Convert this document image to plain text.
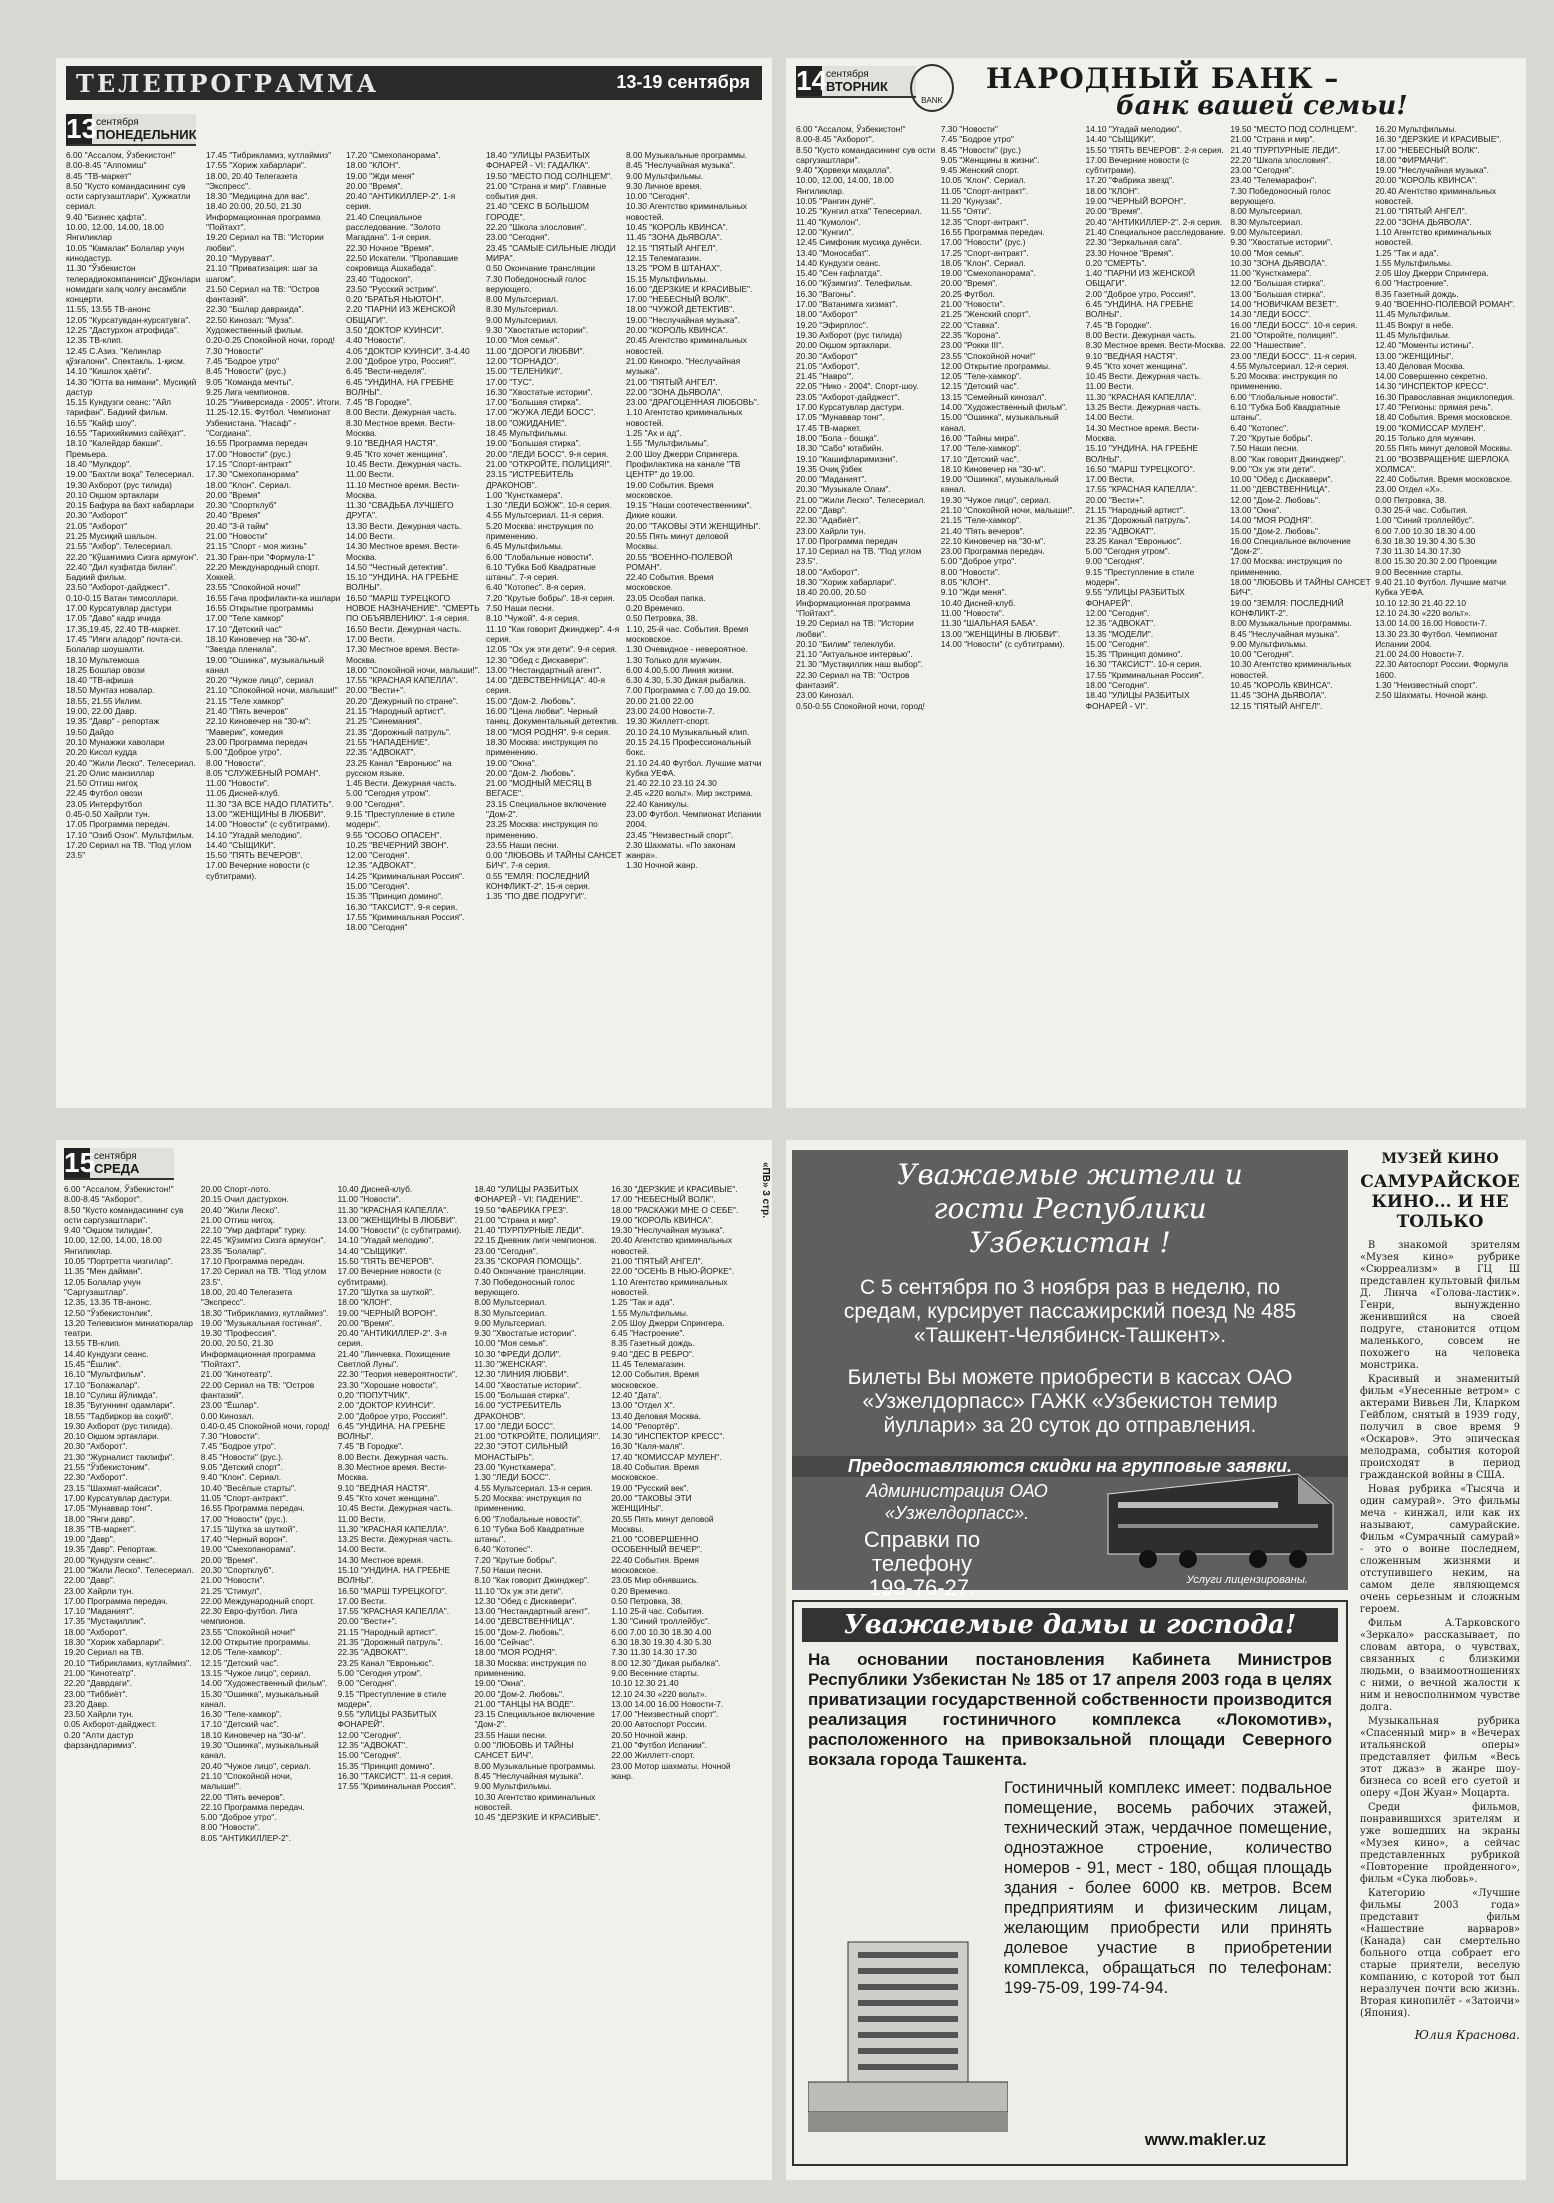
ТЕЛЕПРОГРАММА	13-19 сентября
13
сентября
ПОНЕДЕЛЬНИК

6.00 "Ассалом, Ўзбекистон!"

8.00-8.45 "Алпомиш"

8.45 "ТВ-маркет"

8.50 "Кусто командасининг сув ости саргузаштлари". Ҳужжатли сериал.

9.40 "Бизнес ҳафта".

10.00, 12.00, 14.00, 18.00 Янгиликлар

10.05 "Камалак" Болалар учун кинодастур.

11.30 "Ўзбекистон телерадиокомпанияси" Дўконлари номидаги халқ чолғу ансамбли концерти.

11.55, 13.55 ТВ-анонс

12.05 "Курсатувдан-курсатувга".

12.25 "Дастурхон атрофида".

12.35 ТВ-клип.

12.45 С.Азиз. "Келинлар қўзғалони". Спектакль. 1-қисм.

14.10 "Кишлок ҳаёти".

14.30 "Ютта ва нимани". Мусиқий дастур

15.15 Кундузги сеанс: "Айл тарифан". Бадиий фильм.

16.55 "Кайф шоу".

16.55 "Тарихийкимиз сайёҳат".

18.10 "Калейдар бакши". Премьера.

18.40 "Мулкдор".

19.00 "Бахтли воҳа" Телесериал.

19.30 Axбopoт (рус тилида)

20.10 Оқшом эртаклари

20.15 Бафура ва бахт кабарлари

20.30 "Ахборот"

21.05 "Ахборот"

21.25 Мусиқий шальон.

21.55 "Ахбор". Телесериал.

22.20 "Кўшиғимиз Сизга армуғон".

22.40 "Дил кузфатда билан". Бадиий фильм.

23.50 "Ахборот-дайджест".

0.10-0.15 Ватан тимсоллари.

17.00 Курсатувлар дастури

17.05 "Даво" кадр ичида

17.35,19.45, 22.40 ТВ-маркет.

17.45 "Ияги аладор" почта-си. Болалар шоушалти.

18.10 Мультемоша

18.25 Бошлар овози

18.40 "ТВ-афиша

18.50 Мунтаз новалар.

18.55, 21.55 Иклим.

19.00, 22.00 Давр.

19.35 "Давр" - репортаж

19.50 Дайдо

20.10 Мунажжи хаволари

20.20 Кисол кудда

20.40 "Жили Леско". Телесериал.

21.20 Олис манзиллар

21.50 Отгиш нигоҳ

22.45 Футбол овози

23.05 Интерфутбол

0.45-0.50 Хайрли тун.

17.05 Программа передач.

17.10 "Озиб Озон". Мультфильм.

17.20 Сериал на ТВ. "Под углом 23.5"

17.45 "Тибрикламиз, кутлаймиз"

17.55 "Хориж хабарлари".

18.00, 20.40 Телегазета "Экспресс".

18.30 "Медицина для вас".

18.40 20.00, 20.50, 21.30 Информационная программа "Пойтахт".

19.20 Сериал на ТВ: "Истории любви".

20.10 "Мурувват".

21.10 "Приватизация: шаг за шагом".

21.50 Сериал на ТВ: "Остров фантазий".

22.30 "Бшлар давраида".

22.50 Кинозал: "Муза". Художественный фильм.

0.20-0.25 Спокойной ночи, город!

7.30 "Новости"

7.45 "Бодрое утро"

8.45 "Новости" (рус.)

9.05 "Команда мечты".

9.25 Лига чемпионов.

10.25 "Универсиада - 2005". Итоги.

11.25-12.15. Футбол. Чемпионат Узбекистана. "Насаф" - "Согдиана".

16.55 Программа передач

17.00 "Новости" (рус.)

17.15 "Спорт-антракт"

17.30 "Смехопанорама"

18.00 "Клон". Сериал.

20.00 "Время"

20.30 "Спортклуб"

20.40 "Время"

20.40 "3-й тайм"

21.00 "Новости"

21.15 "Спорт - моя жизнь"

21.30 Гран-при "Формула-1"

22.20 Международный спорт. Хоккей.

23.55 "Спокойной ночи!"

16.55 Гача профилакти-ка ишлари

16.55 Открытие программы

17.00 "Теле хамкор"

17.10 "Детский час"

18.10 Киновечер на "30-м". "Звезда пленила".

19.00 "Ошинка", музыкальный канал

20.20 "Чужое лицо", сериал

21.10 "Спокойной ночи, малыши!"

21.15 "Теле хамкор"

21.40 "Пять вечеров"

22.10 Киновечер на "30-м": "Маверик", комедия

23.00 Программа передач

5.00 "Доброе утро".

8.00 "Новости".

8.05 "СЛУЖЕБНЫЙ РОМАН".

11.00 "Новости".

11.05 Дисней-клуб.

11.30 "ЗА ВСЕ НАДО ПЛАТИТЬ".

13.00 "ЖЕНЩИНЫ В ЛЮБВИ".

14.00 "Новости" (с субтитрами).

14.10 "Угадай мелодию".

14.40 "СЫЩИКИ".

15.50 "ПЯТЬ ВЕЧЕРОВ".

17.00 Вечерние новости (с субтитрами).

17.20 "Смехопанорама".

18.00 "КЛОН".

19.00 "Жди меня"

20.00 "Время".

20.40 "АНТИКИЛЛЕР-2". 1-я серия.

21.40 Специальное расследование. "Золото Магадана". 1-я серия.

22.30 Ночное "Время".

22.50 Искатели. "Пропавшие сокровища Ашхабада".

23.40 "Годоскоп".

23.50 "Русский эстрим".

0.20 "БРАТЬЯ НЬЮТОН".

2.20 "ПАРНИ ИЗ ЖЕНСКОЙ ОБЩАГИ".

3.50 "ДОКТОР КУИНСИ".

4.40 "Новости".

4.05 "ДОКТОР КУИНСИ". 3-4.40

2.00 "Доброе утро, Россия!".

6.45 "Вести-неделя".

6.45 "УНДИНА. НА ГРЕБНЕ ВОЛНЫ".

7.45 "В Городке".

8.00 Вести. Дежурная часть.

8.30 Местное время. Вести-Москва.

9.10 "ВЕДНАЯ НАСТЯ".

9.45 "Кто хочет женщина".

10.45 Вести. Дежурная часть.

11.00 Вести.

11.10 Местное время. Вести-Москва.

11.30 "СВАДЬБА ЛУЧШЕГО ДРУГА".

13.30 Вести. Дежурная часть.

14.00 Вести.

14.30 Местное время. Вести-Москва.

14.50 "Честный детектив".

15.10 "УНДИНА. НА ГРЕБНЕ ВОЛНЫ".

16.50 "МАРШ ТУРЕЦКОГО НОВОЕ НАЗНАЧЕНИЕ". "СМЕРТЬ ПО ОБЪЯВЛЕНИЮ". 1-я серия.

16.50 Вести. Дежурная часть.

17.00 Вести.

17.30 Местное время. Вести-Москва.

18.00 "Спокойной ночи, малыши!".

17.55 "КРАСНАЯ КАПЕЛЛА".

20.00 "Вести+".

20.20 "Дежурный по стране".

21.15 "Народный артист".

21.25 "Синемания".

21.35 "Дорожный патруль".

21.55 "НАПАДЕНИЕ".

22.35 "АДВОКАТ".

23.25 Канал "Евроньюс" на русском языке.

1.45 Вести. Дежурная часть.

5.00 "Сегодня утром".

9.00 "Сегодня".

9.15 "Преступление в стиле модерн".

9.55 "ОСОБО ОПАСЕН".

10.25 "ВЕЧЕРНИЙ ЗВОН".

12.00 "Сегодня".

12.35 "АДВОКАТ".

14.25 "Криминальная Россия".

15.00 "Сегодня".

15.35 "Принцип домино".

16.30 "ТАКСИСТ". 9-я серия.

17.55 "Криминальная Россия".

18.00 "Сегодня"

18.40 "УЛИЦЫ РАЗБИТЫХ ФОНАРЕЙ - VI: ГАДАЛКА".

19.50 "МЕСТО ПОД СОЛНЦЕМ".

21.00 "Страна и мир". Главные события дня.

21.40 "СЕКС В БОЛЬШОМ ГОРОДЕ".

22.20 "Школа злословия".

23.00 "Сегодня".

23.45 "САМЫЕ СИЛЬНЫЕ ЛЮДИ МИРА".

0.50 Окончание трансляции

7.30 Победоносный голос верующего.

8.00 Мультсериал.

8.30 Мультсериал.

9.00 Мультсериал.

9.30 "Хвостатые истории".

10.00 "Моя семья".

11.00 "ДОРОГИ ЛЮБВИ".

12.00 "ТОРНАДО".

15.00 "ТЕЛЕНИКИ".

17.00 "ТУС".

16.30 "Хвостатые истории".

17.00 "Большая стирка".

17.00 "ЖУЖА ЛЕДИ БОСС".

18.00 "ОЖИДАНИЕ".

18.45 Мультфильмы.

19.00 "Большая стирка".

20.00 "ЛЕДИ БОСС". 9-я серия.

21.00 "ОТКРОЙТЕ, ПОЛИЦИЯ!".

23.15 "ИСТРЕБИТЕЛЬ ДРАКОНОВ".

1.00 "Кунсткамера".

1.30 "ЛЕДИ БОЖЖ". 10-я серия.

4.55 Мультсериал. 11-я серия.

5.20 Москва: инструкция по применению.

6.45 Мультфильмы.

6.00 "Глобальные новости".

6.10 "Губка Боб Квадратные штаны". 7-я серия.

6.40 "Котопес". 8-я серия.

7.20 "Крутые бобры". 18-я серия.

7.50 Наши песни.

8.10 "Чужой". 4-я серия.

11.10 "Как говорит Джинджер". 4-я серия.

12.05 "Ох уж эти дети". 9-я серия.

12.30 "Обед с Дискавери".

13.00 "Нестандартный агент".

14.00 "ДЕВСТВЕННИЦА". 40-я серия.

15.00 "Дом-2. Любовь".

16.00 "Цена любви". Черный танец. Документальный детектив.

18.00 "МОЯ РОДНЯ". 9-я серия.

18.30 Москва: инструкция по применению.

19.00 "Окна".

20.00 "Дом-2. Любовь".

21.00 "МОДНЫЙ МЕСЯЦ В ВЕГАСЕ".

23.15 Специальное включение "Дом-2".

23.25 Москва: инструкция по применению.

23.55 Наши песни.

0.00 "ЛЮБОВЬ И ТАЙНЫ САНСЕТ БИЧ". 7-я серия.

0.55 "ЕМЛЯ: ПОСЛЕДНИЙ КОНФЛИКТ-2". 15-я серия.

1.35 "ПО ДВЕ ПОДРУГИ".

8.00 Музыкальные программы.

8.45 "Неслучайная музыка".

9.00 Мультфильмы.

9.30 Личное время.

10.00 "Сегодня".

10.30 Агентство криминальных новостей.

10.45 "КОРОЛЬ КВИНСА".

11.45 "ЗОНА ДЬЯВОЛА".

12.15 "ПЯТЫЙ АНГЕЛ".

12.15 Телемагазин.

13.25 "РОМ В ШТАНАХ".

15.15 Мультфильмы.

16.00 "ДЕРЗКИЕ И КРАСИВЫЕ".

17.00 "НЕБЕСНЫЙ ВОЛК".

18.00 "ЧУЖОЙ ДЕТЕКТИВ".

19.00 "Неслучайная музыка".

20.00 "КОРОЛЬ КВИНСА".

20.45 Агентство криминальных новостей.

21.00 Кинокро. "Неслучайная музыка".

21.00 "ПЯТЫЙ АНГЕЛ".

22.00 "ЗОНА ДЬЯВОЛА".

23.00 "ДРАГОЦЕННАЯ ЛЮБОВЬ".

1.10 Агентство криминальных новостей.

1.25 "Ах и ад".

1.55 "Мультфильмы".

2.00 Шоу Джерри Спрингера.

Профилактика на канале "ТВ ЦЕНТР" до 19.00.

19.00 События. Время московское.

19.15 "Наши соотечественники". Дикие кошки.

20.00 "ТАКОВЫ ЭТИ ЖЕНЩИНЫ".

20.55 Пять минут деловой Москвы.

20.55 "ВОЕННО-ПОЛЕВОЙ РОМАН".

22.40 События. Время московское.

23.05 Особая папка.

0.20 Времечко.

0.50 Петровка, 38.

1.10, 25-й час. События. Время московское.

1.30 Очевидное - невероятное.

1.30 Только для мужчин.

6.00 4.00,5.00 Линия жизни.

6.30 4.30, 5.30 Дикая рыбалка.

7.00 Программа с 7.00 до 19.00.

20.00 21.00 22.00

23.00 24.00 Новости-7.

19.30 Жиллетт-спорт.

20.10 24.10 Музыкальный клип.

20.15 24.15 Профессиональный бокс.

21.10 24.40 Футбол. Лучшие матчи Кубка УЕФА.

21.40 22.10 23.10 24.30

2.45 «220 вольт». Мир экстрима.

22.40 Каникулы.

23.00 Футбол. Чемпионат Испании 2004.

23.45 "Неизвестный спорт".

2.30 Шахматы. «По законам жанра».

1.30 Ночной жанр.

14
сентября
ВТОРНИК
BANK
НАРОДНЫЙ БАНК –
банк вашей семьи!

6.00 "Ассалом, Ўзбекистон!"

8.00-8.45 "Ахборот".

8.50 "Кусто командасининг сув ости саргузаштлари".

9.40 "Ҳорвеҳи маҳалла".

10.00, 12.00, 14.00, 18.00 Янгиликлар.

10.05 "Рангин дунё".

10.25 "Кунгил атха" Телесериал.

11.40 "Кумолон".

12.00 "Кунгил".

12.45 Симфоник мусиқа дунёси.

13.40 "Моносабат".

14.40 Кундузги сеанс.

15.40 "Сен ғафлатда".

16.00 "Кўзимгиз". Телефильм.

16.30 "Вагоны".

17.00 "Ватанимга хизмат".

18.00 "Ахборот"

19.20 "Эфирплос".

19.30 Ахборот (рус тилида)

20.00 Оқшом эртаклари.

20.30 "Ахборот"

21.05 "Ахборот".

21.45 "Навро'".

22.05 "Нико - 2004". Спорт-шоу.

23.05 "Ахборот-дайджест".

17.00 Курсатувлар дастури.

17.05 "Мунаввар тонг".

17.45 ТВ-маркет.

18.00 "Бола - бошқа".

18.30 "Сабо" ютабийн.

19.10 "Кашифларимизни".

19.35 Очиқ ўзбек

20.00 "Маданият".

20.30 "Музыкале Олам".

21.00 "Жили Леско". Телесериал.

22.00 "Давр".

22.30 "Адабиёт".

23.00 Хайрли тун.

17.00 Программа передач

17.10 Сериал на ТВ. "Под углом 23.5".

18.00 "Ахборот".

18.30 "Хориж хабарлари".

18.40 20.00, 20.50 Информационная программа "Пойтахт".

19.20 Сериал на ТВ: "Истории любви".

20.10 "Билим" телеклуби.

21.10 "Актуальное интервью".

21.30 "Мустақиллик наш выбор".

22.30 Сериал на ТВ: "Остров фантазий".

23.00 Кинозал.

0.50-0.55 Спокойной ночи, город!

7.30 "Новости"

7.45 "Бодрое утро"

8.45 "Новости" (рус.)

9.05 "Женщины в жизни".

9.45 Женский спорт.

10.05 "Клон". Сериал.

11.05 "Спорт-антракт".

11.20 "Кунузак".

11.55 "Ояти".

12.35 "Спорт-антракт".

16.55 Программа передач.

17.00 "Новости" (рус.)

17.25 "Спорт-антракт".

18.05 "Клон". Сериал.

19.00 "Смехопанорама".

20.00 "Время".

20.25 Футбол.

21.00 "Новости".

21.25 "Женский спорт".

22.00 "Ставка".

22.35 "Корона".

23.00 "Рокки III".

23.55 "Спокойной ночи!"

12.00 Открытие программы.

12.05 "Теле-хамкор".

12.15 "Детский час".

13.15 "Семейный кинозал".

14.00 "Художественный фильм".

15.00 "Ошинка", музыкальный канал.

16.00 "Тайны мира".

17.00 "Теле-хамкор".

17.10 "Детский час".

18.10 Киновечер на "30-м".

19.00 "Ошинка", музыкальный канал.

19.30 "Чужое лицо", сериал.

21.10 "Спокойной ночи, малыши!".

21.15 "Теле-хамкор".

21.40 "Пять вечеров".

22.10 Киновечер на "30-м".

23.00 Программа передач.

5.00 "Доброе утро".

8.00 "Новости".

8.05 "КЛОН".

9.10 "Жди меня".

10.40 Дисней-клуб.

11.00 "Новости".

11.30 "ШАЛЬНАЯ БАБА".

13.00 "ЖЕНЩИНЫ В ЛЮБВИ".

14.00 "Новости" (с субтитрами).

14.10 "Угадай мелодию".

14.40 "СЫЩИКИ".

15.50 "ПЯТЬ ВЕЧЕРОВ". 2-я серия.

17.00 Вечерние новости (с субтитрами).

17.20 "Фабрика звезд".

18.00 "КЛОН".

19.00 "ЧЕРНЫЙ ВОРОН".

20.00 "Время".

20.40 "АНТИКИЛЛЕР-2". 2-я серия.

21.40 Специальное расследование.

22.30 "Зеркальная сага".

23.30 Ночное "Время".

0.20 "СМЕРТЬ".

1.40 "ПАРНИ ИЗ ЖЕНСКОЙ ОБЩАГИ".

2.00 "Доброе утро, Россия!".

6.45 "УНДИНА. НА ГРЕБНЕ ВОЛНЫ".

7.45 "В Городке".

8.00 Вести. Дежурная часть.

8.30 Местное время. Вести-Москва.

9.10 "ВЕДНАЯ НАСТЯ".

9.45 "Кто хочет женщина".

10.45 Вести. Дежурная часть.

11.00 Вести.

11.30 "КРАСНАЯ КАПЕЛЛА".

13.25 Вести. Дежурная часть.

14.00 Вести.

14.30 Местное время. Вести-Москва.

15.10 "УНДИНА. НА ГРЕБНЕ ВОЛНЫ".

16.50 "МАРШ ТУРЕЦКОГО".

17.00 Вести.

17.55 "КРАСНАЯ КАПЕЛЛА".

20.00 "Вести+".

21.15 "Народный артист".

21.35 "Дорожный патруль".

22.35 "АДВОКАТ".

23.25 Канал "Евроньюс".

5.00 "Сегодня утром".

9.00 "Сегодня".

9.15 "Преступление в стиле модерн".

9.55 "УЛИЦЫ РАЗБИТЫХ ФОНАРЕЙ".

12.00 "Сегодня".

12.35 "АДВОКАТ".

13.35 "МОДЕЛИ".

15.00 "Сегодня".

15.35 "Принцип домино".

16.30 "ТАКСИСТ". 10-я серия.

17.55 "Криминальная Россия".

18.00 "Сегодня".

18.40 "УЛИЦЫ РАЗБИТЫХ ФОНАРЕЙ - VI".

19.50 "МЕСТО ПОД СОЛНЦЕМ".

21.00 "Страна и мир".

21.40 "ПУРПУРНЫЕ ЛЕДИ".

22.20 "Школа злословия".

23.00 "Сегодня".

23.40 "Телемарафон".

7.30 Победоносный голос верующего.

8.00 Мультсериал.

8.30 Мультсериал.

9.00 Мультсериал.

9.30 "Хвостатые истории".

10.00 "Моя семья".

10.30 "ЗОНА ДЬЯВОЛА".

11.00 "Кунсткамера".

12.00 "Большая стирка".

13.00 "Большая стирка".

14.00 "НОВИЧКАМ ВЕЗЕТ".

14.30 "ЛЕДИ БОСС".

16.00 "ЛЕДИ БОСС". 10-я серия.

21.00 "Откройте, полиция!".

22.00 "Нашествие".

23.00 "ЛЕДИ БОСС". 11-я серия.

4.55 Мультсериал. 12-я серия.

5.20 Москва: инструкция по применению.

6.00 "Глобальные новости".

6.10 "Губка Боб Квадратные штаны".

6.40 "Котопес".

7.20 "Крутые бобры".

7.50 Наши песни.

8.00 "Как говорит Джинджер".

9.00 "Ох уж эти дети".

10.00 "Обед с Дискавери".

11.00 "ДЕВСТВЕННИЦА".

12.00 "Дом-2. Любовь".

13.00 "Окна".

14.00 "МОЯ РОДНЯ".

15.00 "Дом-2. Любовь".

16.00 Специальное включение "Дом-2".

17.00 Москва: инструкция по применению.

18.00 "ЛЮБОВЬ И ТАЙНЫ САНСЕТ БИЧ".

19.00 "ЗЕМЛЯ: ПОСЛЕДНИЙ КОНФЛИКТ-2".

8.00 Музыкальные программы.

8.45 "Неслучайная музыка".

9.00 Мультфильмы.

10.00 "Сегодня".

10.30 Агентство криминальных новостей.

10.45 "КОРОЛЬ КВИНСА".

11.45 "ЗОНА ДЬЯВОЛА".

12.15 "ПЯТЫЙ АНГЕЛ".

16.20 Мультфильмы.

16.30 "ДЕРЗКИЕ И КРАСИВЫЕ".

17.00 "НЕБЕСНЫЙ ВОЛК".

18.00 "ФИРМАЧИ".

19.00 "Неслучайная музыка".

20.00 "КОРОЛЬ КВИНСА".

20.40 Агентство криминальных новостей.

21.00 "ПЯТЫЙ АНГЕЛ".

22.00 "ЗОНА ДЬЯВОЛА".

1.10 Агентство криминальных новостей.

1.25 "Так и ада".

1.55 Мультфильмы.

2.05 Шоу Джерри Спрингера.

6.00 "Настроение".

8.35 Газетный дождь.

9.40 "ВОЕННО-ПОЛЕВОЙ РОМАН".

11.45 Мультфильм.

11.45 Вокруг в небе.

11.45 Мультфильм.

12.40 "Моменты истины".

13.00 "ЖЕНЩИНЫ".

13.40 Деловая Москва.

14.00 Совершенно секретно.

14.30 "ИНСПЕКТОР КРЕСС".

16.30 Православная энциклопедия.

17.40 "Регионы: прямая речь".

18.40 События. Время московское.

19.00 "КОМИССАР МУЛЕН".

20.15 Только для мужчин.

20.55 Пять минут деловой Москвы.

21.00 "ВОЗВРАЩЕНИЕ ШЕРЛОКА ХОЛМСА".

22.40 События. Время московское.

23.00 Отдел «Х».

0.00 Петровка, 38.

0.30 25-й час. События.

1.00 "Синий троллейбус".

6.00 7.00 10.30 18.30 4.00

6.30 18.30 19.30 4.30 5.30

7.30 11.30 14.30 17.30

8.00 15.30 20.30 2.00 Проекции

9.00 Весенние старты.

9.40 21.10 Футбол. Лучшие матчи Кубка УЕФА.

10.10 12.30 21.40 22.10

12.10 24.30 «220 вольт».

13.00 14.00 16.00 Новости-7.

13.30 23.30 Футбол. Чемпионат Испании 2004.

21.00 24.00 Новости-7.

22.30 Автоспорт России. Формула 1600.

1.30 "Неизвестный спорт".

2.50 Шахматы. Ночной жанр.

15
сентября
СРЕДА

6.00 "Ассалом, Ўзбекистон!"

8.00-8.45 "Ахборот".

8.50 "Кусто командасининг сув ости саргузаштлари".

9.40 "Оқшом тилидан".

10.00, 12.00, 14.00, 18.00 Янгиликлар.

10.05 "Портретта чизгилар".

11.35 "Мен дайман".

12.05 Болалар учун "Саргузаштлар".

12.35, 13.35 ТВ-анонс.

12.50 "Ўзбекистонлик".

13.20 Телевизион миниатюралар театри.

13.55 ТВ-клип.

14.40 Кундузги сеанс.

15.45 "Ёшлик".

16.10 "Мультфильм".

17.10 "Болажалар".

18.10 "Сулиш йўлимда".

18.35 "Бугуннинг одамлари".

18.55 "Тадбиркор ва соҳиб".

19.30 Ахборот (рус тилида).

20.10 Оқшом эртаклари.

20.30 "Ахборот".

21.30 "Журналист таклифи".

21.55 "Ўзбекистоним".

22.30 "Ахборот".

23.15 "Шахмат-майсаси".

17.00 Курсатувлар дастури.

17.05 "Мунаввар тонг".

18.00 "Янги давр".

18.35 "ТВ-маркет".

19.00 "Давр".

19.35 "Давр". Репортаж.

20.00 "Кундузги сеанс".

21.00 "Жили Леско". Телесериал.

22.00 "Давр".

23.00 Хайрли тун.

17.00 Программа передач.

17.10 "Маданият".

17.35 "Мустақиллик".

18.00 "Ахборот".

18.30 "Хориж хабарлари".

19.20 Сериал на ТВ.

20.10 "Тибрикламиз, кутлаймиз".

21.00 "Кинотеатр".

22.20 "Даврдаги".

23.00 "Тиббиёт".

23.20 Давр.

23.50 Хайрли тун.

0.05 Ахборот-дайджест.

0.20 "Алти дастур фарзандларимиз".

20.00 Спорт-лото.

20.15 Очил дастурхон.

20.40 "Жили Леско".

21.00 Отгиш нигоҳ.

22.10 "Умр дафтари" турку.

22.45 "Кўзимгиз Сизга армуғон".

23.35 "Болалар".

17.10 Программа передач.

17.20 Сериал на ТВ. "Под углом 23.5".

18.00, 20.40 Телегазета "Экспресс".

18.30 "Тибрикламиз, кутлаймиз".

19.00 "Музыкальная гостиная".

19.30 "Профессия".

20.00, 20.50, 21.30 Информационная программа "Пойтахт".

21.00 "Кинотеатр".

22.00 Сериал на ТВ: "Остров фантазий".

23.00 "Ёшлар".

0.00 Кинозал.

0.40-0.45 Спокойной ночи, город!

7.30 "Новости".

7.45 "Бодрое утро".

8.45 "Новости" (рус.).

9.05 "Детский спорт".

9.40 "Клон". Сериал.

10.40 "Весёлые старты".

11.05 "Спорт-антракт".

16.55 Программа передач.

17.00 "Новости" (рус.).

17.15 "Шутка за шуткой".

17.40 "Черный ворон".

19.00 "Смехопанорама".

20.00 "Время".

20.30 "Спортклуб".

21.00 "Новости".

21.25 "Стимул".

22.00 Международный спорт.

22.30 Евро-футбол. Лига чемпионов.

23.55 "Спокойной ночи!"

12.00 Открытие программы.

12.05 "Теле-хамкор".

12.15 "Детский час".

13.15 "Чужое лицо", сериал.

14.00 "Художественный фильм".

15.30 "Ошинка", музыкальный канал.

16.30 "Теле-хамкор".

17.10 "Детский час".

18.10 Киновечер на "30-м".

19.30 "Ошинка", музыкальный канал.

20.40 "Чужое лицо", сериал.

21.10 "Спокойной ночи, малыши!".

22.00 "Пять вечеров".

22.10 Программа передач.

5.00 "Доброе утро".

8.00 "Новости".

8.05 "АНТИКИЛЛЕР-2".

10.40 Дисней-клуб.

11.00 "Новости".

11.30 "КРАСНАЯ КАПЕЛЛА".

13.00 "ЖЕНЩИНЫ В ЛЮБВИ".

14.00 "Новости" (с субтитрами).

14.10 "Угадай мелодию".

14.40 "СЫЩИКИ".

15.50 "ПЯТЬ ВЕЧЕРОВ".

17.00 Вечерние новости (с субтитрами).

17.20 "Шутка за шуткой".

18.00 "КЛОН".

19.00 "ЧЕРНЫЙ ВОРОН".

20.00 "Время".

20.40 "АНТИКИЛЛЕР-2". 3-я серия.

21.40 "Линчевка. Похищение Светлой Луны".

22.30 "Теория невероятности".

23.30 "Хорошие новости".

0.20 "ПОПУТЧИК".

2.00 "ДОКТОР КУИНСИ".

2.00 "Доброе утро, Россия!".

6.45 "УНДИНА. НА ГРЕБНЕ ВОЛНЫ".

7.45 "В Городке".

8.00 Вести. Дежурная часть.

8.30 Местное время. Вести-Москва.

9.10 "ВЕДНАЯ НАСТЯ".

9.45 "Кто хочет женщина".

10.45 Вести. Дежурная часть.

11.00 Вести.

11.30 "КРАСНАЯ КАПЕЛЛА".

13.25 Вести. Дежурная часть.

14.00 Вести.

14.30 Местное время.

15.10 "УНДИНА. НА ГРЕБНЕ ВОЛНЫ".

16.50 "МАРШ ТУРЕЦКОГО".

17.00 Вести.

17.55 "КРАСНАЯ КАПЕЛЛА".

20.00 "Вести+".

21.15 "Народный артист".

21.35 "Дорожный патруль".

22.35 "АДВОКАТ".

23.25 Канал "Евроньюс".

5.00 "Сегодня утром".

9.00 "Сегодня".

9.15 "Преступление в стиле модерн".

9.55 "УЛИЦЫ РАЗБИТЫХ ФОНАРЕЙ".

12.00 "Сегодня".

12.35 "АДВОКАТ".

15.00 "Сегодня".

15.35 "Принцип домино".

16.30 "ТАКСИСТ". 11-я серия.

17.55 "Криминальная Россия".

18.40 "УЛИЦЫ РАЗБИТЫХ ФОНАРЕЙ - VI: ПАДЕНИЕ".

19.50 "ФАБРИКА ГРЕЗ".

21.00 "Страна и мир".

21.40 "ПУРПУРНЫЕ ЛЕДИ".

22.15 Дневник лиги чемпионов.

23.00 "Сегодня".

23.35 "СКОРАЯ ПОМОЩЬ".

0.40 Окончание трансляции.

7.30 Победоносный голос верующего.

8.00 Мультсериал.

8.30 Мультсериал.

9.00 Мультсериал.

9.30 "Хвостатые истории".

10.00 "Моя семья".

10.30 "ФРЕДИ ДОЛИ".

11.30 "ЖЕНСКАЯ".

12.30 "ЛИНИЯ ЛЮБВИ".

14.00 "Хвостатые истории".

15.00 "Большая стирка".

16.00 "УСТРЕБИТЕЛЬ ДРАКОНОВ".

17.00 "ЛЕДИ БОСС".

21.00 "ОТКРОЙТЕ, ПОЛИЦИЯ!".

22.30 "ЭТОТ СИЛЬНЫЙ МОНАСТЫРЬ".

23.00 "Кунсткамера".

1.30 "ЛЕДИ БОСС".

4.55 Мультсериал. 13-я серия.

5.20 Москва: инструкция по применению.

6.00 "Глобальные новости".

6.10 "Губка Боб Квадратные штаны".

6.40 "Котопес".

7.20 "Крутые бобры".

7.50 Наши песни.

8.10 "Как говорит Джинджер".

11.10 "Ох уж эти дети".

12.30 "Обед с Дискавери".

13.00 "Нестандартный агент".

14.00 "ДЕВСТВЕННИЦА".

15.00 "Дом-2. Любовь".

16.00 "Сейчас".

18.00 "МОЯ РОДНЯ".

18.30 Москва: инструкция по применению.

19.00 "Окна".

20.00 "Дом-2. Любовь".

21.00 "ТАНЦЫ НА ВОДЕ".

23.15 Специальное включение "Дом-2".

23.55 Наши песни.

0.00 "ЛЮБОВЬ И ТАЙНЫ САНСЕТ БИЧ".

8.00 Музыкальные программы.

8.45 "Неслучайная музыка".

9.00 Мультфильмы.

10.30 Агентство криминальных новостей.

10.45 "ДЕРЗКИЕ И КРАСИВЫЕ".

16.30 "ДЕРЗКИЕ И КРАСИВЫЕ".

17.00 "НЕБЕСНЫЙ ВОЛК".

18.00 "РАСКАЖИ МНЕ О СЕБЕ".

19.00 "КОРОЛЬ КВИНСА".

19.30 "Неслучайная музыка".

20.40 Агентство криминальных новостей.

21.00 "ПЯТЫЙ АНГЕЛ".

22.00 "ОСЕНЬ В НЬЮ-ЙОРКЕ".

1.10 Агентство криминальных новостей.

1.25 "Так и ада".

1.55 Мультфильмы.

2.05 Шоу Джерри Спрингера.

6.45 "Настроение".

8.35 Газетный дождь.

9.40 "ДЕС В РЕБРО".

11.45 Телемагазин.

12.00 События. Время московское.

12.40 "Дата".

13.00 "Отдел Х".

13.40 Деловая Москва.

14.00 "Репортёр".

14.30 "ИНСПЕКТОР КРЕСС".

16.30 "Каля-маля".

17.40 "КОМИССАР МУЛЕН".

18.40 События. Время московское.

19.00 "Русский век".

20.00 "ТАКОВЫ ЭТИ ЖЕНЩИНЫ".

20.55 Пять минут деловой Москвы.

21.00 "СОВЕРШЕННО ОСОБЕННЫЙ ВЕЧЕР".

22.40 События. Время московское.

23.05 Мир обнявшись.

0.20 Времечко.

0.50 Петровка, 38.

1.10 25-й час. События.

1.30 "Синий троллейбус".

6.00 7.00 10.30 18.30 4.00

6.30 18.30 19.30 4.30 5.30

7.30 11.30 14.30 17.30

8.00 12.30 "Дикая рыбалка".

9.00 Весенние старты.

10.10 12.30 21.40

12.10 24.30 «220 вольт».

13.00 14.00 16.00 Новости-7.

17.00 "Неизвестный спорт".

20.00 Автоспорт России.

20.50 Ночной жанр.

21.00 "Футбол Испании".

22.00 Жиллетт-спорт.

23.00 Мотор шахматы. Ночной жанр.

«ПВ» 3 стр.	Уважаемые жители и гости Республики Узбекистан !
С 5 сентября по 3 ноября раз в неделю, по средам, курсирует пассажирский поезд № 485 «Ташкент-Челябинск-Ташкент».
Билеты Вы можете приобрести в кассах ОАО «Узжелдорпасс» ГАЖК «Узбекистон темир йуллари» за 20 суток до отправления.
Предоставляются скидки на групповые заявки.
Администрация ОАО «Узжелдорпасс».
Справки по телефону
199-76-27.	Услуги лицензированы.
Уважаемые дамы и господа!
На основании постановления Кабинета Министров Республики Узбекистан № 185 от 17 апреля 2003 года в целях приватизации государственной собственности производится реализация гостиничного комплекса «Локомотив», расположенного на привокзальной площади Северного вокзала города Ташкента.
Гостиничный комплекс имеет: подвальное помещение, восемь рабочих этажей, технический этаж, чердачное помещение, одноэтажное строение, количество номеров - 91, мест - 180, общая площадь здания - более 6000 кв. метров. Всем предприятиям и физическим лицам, желающим приобрести или принять долевое участие в приобретении комплекса, обращаться по телефонам: 199-75-09, 199-74-94.
www.makler.uz
МУЗЕЙ КИНО
САМУРАЙСКОЕ КИНО... И НЕ ТОЛЬКО

В знакомой зрителям «Музея кино» рубрике «Сюрреализм» в ГЦ Ш представлен культовый фильм Д. Линча «Голова-ластик». Генри, вынужденно женившийся на своей подруге, становится отцом маленького, совсем не похожего на человека монстрика.

Красивый и знаменитый фильм «Унесенные ветром» с актерами Вивьен Ли, Кларком Гейблом, снятый в 1939 году, получил в свое время 9 «Оскаров». Это эпическая мелодрама, события которой происходят в период гражданской войны в США.

Новая рубрика «Тысяча и один самурай». Это фильмы меча - кинжал, или как их называют, самурайские. Фильм «Сумрачный самурай» - это о воине последнем, сложенным жизнями и отступившего неким, на самом деле являющемся очень серьезным и сложным героем.

Фильм А.Тарковского «Зеркало» рассказывает, по словам автора, о чувствах, связанных с близкими людьми, о взаимоотношениях с ними, о вечной жалости к ним и невосполнимом чувстве долга.

Музыкальная рубрика «Спасенный мир» в «Вечерах итальянской оперы» представляет фильм «Весь этот джаз» в жанре шоу-бизнеса со всей его суетой и оперу «Дон Жуан» Моцарта.

Среди фильмов, понравившихся зрителям и уже вошедших на экраны «Музея кино», а сейчас представленных рубрикой «Повторение пройденного», фильм «Сука любовь».

Категорию «Лучшие фильмы 2003 года» представит фильм «Нашествие варваров» (Канада) сан смертельно больного отца собрает его старые приятели, веселую компанию, с которой тот был неразлучен почти всю жизнь. Вторая кинопилёт - «Затоичи» (Япония).

Юлия Краснова.
